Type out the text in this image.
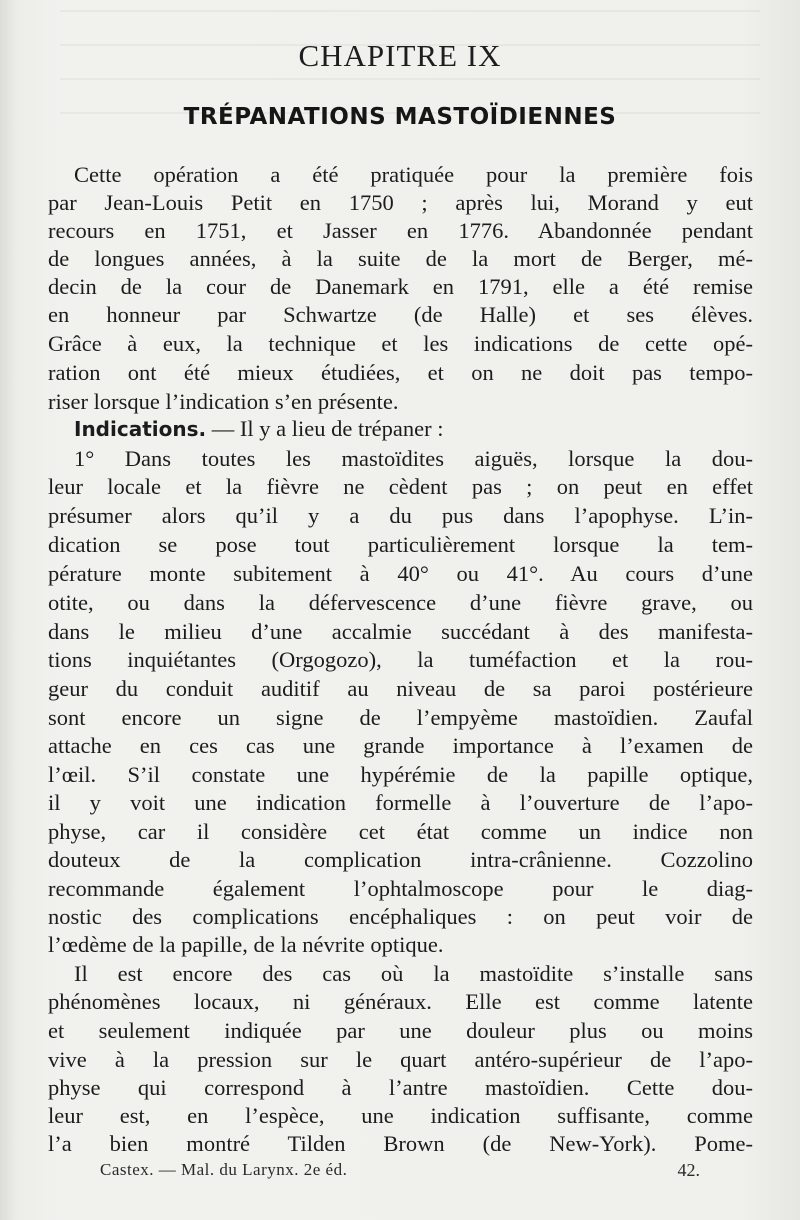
CHAPITRE IX
TRÉPANATIONS MASTOÏDIENNES
Cette opération a été pratiquée pour la première fois
par Jean-Louis Petit en 1750 ; après lui, Morand y eut
recours en 1751, et Jasser en 1776. Abandonnée pendant
de longues années, à la suite de la mort de Berger, mé-
decin de la cour de Danemark en 1791, elle a été remise
en honneur par Schwartze (de Halle) et ses élèves.
Grâce à eux, la technique et les indications de cette opé-
ration ont été mieux étudiées, et on ne doit pas tempo-
riser lorsque l’indication s’en présente.
Indications. — Il y a lieu de trépaner :
1° Dans toutes les mastoïdites aiguës, lorsque la dou-
leur locale et la fièvre ne cèdent pas ; on peut en effet
présumer alors qu’il y a du pus dans l’apophyse. L’in-
dication se pose tout particulièrement lorsque la tem-
pérature monte subitement à 40° ou 41°. Au cours d’une
otite, ou dans la défervescence d’une fièvre grave, ou
dans le milieu d’une accalmie succédant à des manifesta-
tions inquiétantes (Orgogozo), la tuméfaction et la rou-
geur du conduit auditif au niveau de sa paroi postérieure
sont encore un signe de l’empyème mastoïdien. Zaufal
attache en ces cas une grande importance à l’examen de
l’œil. S’il constate une hypérémie de la papille optique,
il y voit une indication formelle à l’ouverture de l’apo-
physe, car il considère cet état comme un indice non
douteux de la complication intra-crânienne. Cozzolino
recommande également l’ophtalmoscope pour le diag-
nostic des complications encéphaliques : on peut voir de
l’œdème de la papille, de la névrite optique.
Il est encore des cas où la mastoïdite s’installe sans
phénomènes locaux, ni généraux. Elle est comme latente
et seulement indiquée par une douleur plus ou moins
vive à la pression sur le quart antéro-supérieur de l’apo-
physe qui correspond à l’antre mastoïdien. Cette dou-
leur est, en l’espèce, une indication suffisante, comme
l’a bien montré Tilden Brown (de New-York). Pome-
Castex. — Mal. du Larynx. 2e éd.	42.
